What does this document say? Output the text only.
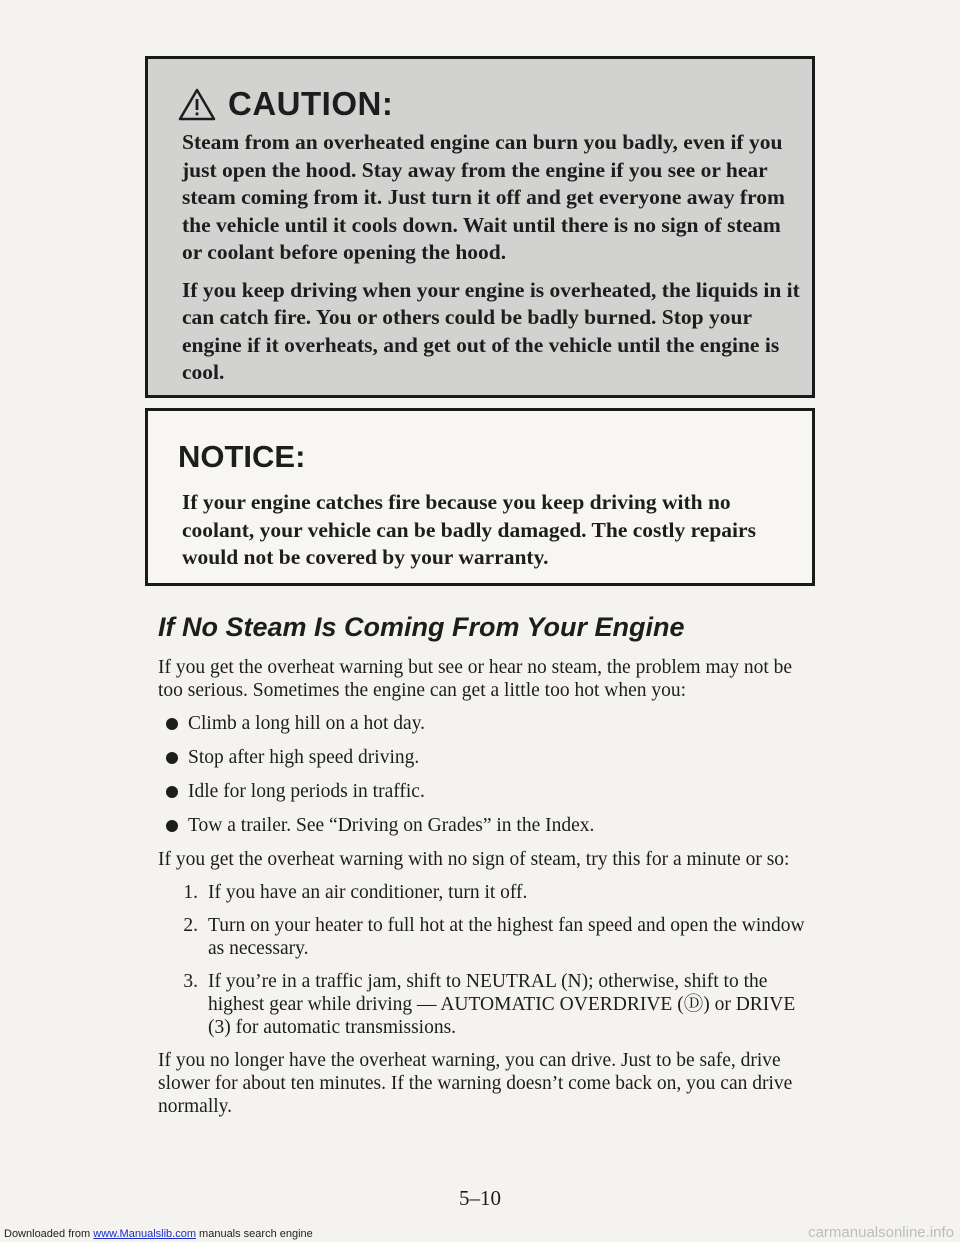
CAUTION:

Steam from an overheated engine can burn you badly, even if you just open the hood. Stay away from the engine if you see or hear steam coming from it. Just turn it off and get everyone away from the vehicle until it cools down. Wait until there is no sign of steam or coolant before opening the hood.

If you keep driving when your engine is overheated, the liquids in it can catch fire. You or others could be badly burned. Stop your engine if it overheats, and get out of the vehicle until the engine is cool.

NOTICE:
If your engine catches fire because you keep driving with no coolant, your vehicle can be badly damaged. The costly repairs would not be covered by your warranty.
If No Steam Is Coming From Your Engine

If you get the overheat warning but see or hear no steam, the problem may not be too serious. Sometimes the engine can get a little too hot when you:

Climb a long hill on a hot day.
Stop after high speed driving.
Idle for long periods in traffic.
Tow a trailer. See “Driving on Grades” in the Index.

If you get the overheat warning with no sign of steam, try this for a minute or so:

1. If you have an air conditioner, turn it off.
2. Turn on your heater to full hot at the highest fan speed and open the window as necessary.
3. If you’re in a traffic jam, shift to NEUTRAL (N); otherwise, shift to the highest gear while driving — AUTOMATIC OVERDRIVE (Ⓓ) or DRIVE (3) for automatic transmissions.

If you no longer have the overheat warning, you can drive. Just to be safe, drive slower for about ten minutes. If the warning doesn’t come back on, you can drive normally.

5–10
Downloaded from www.Manualslib.com manuals search engine	carmanualsonline.info
